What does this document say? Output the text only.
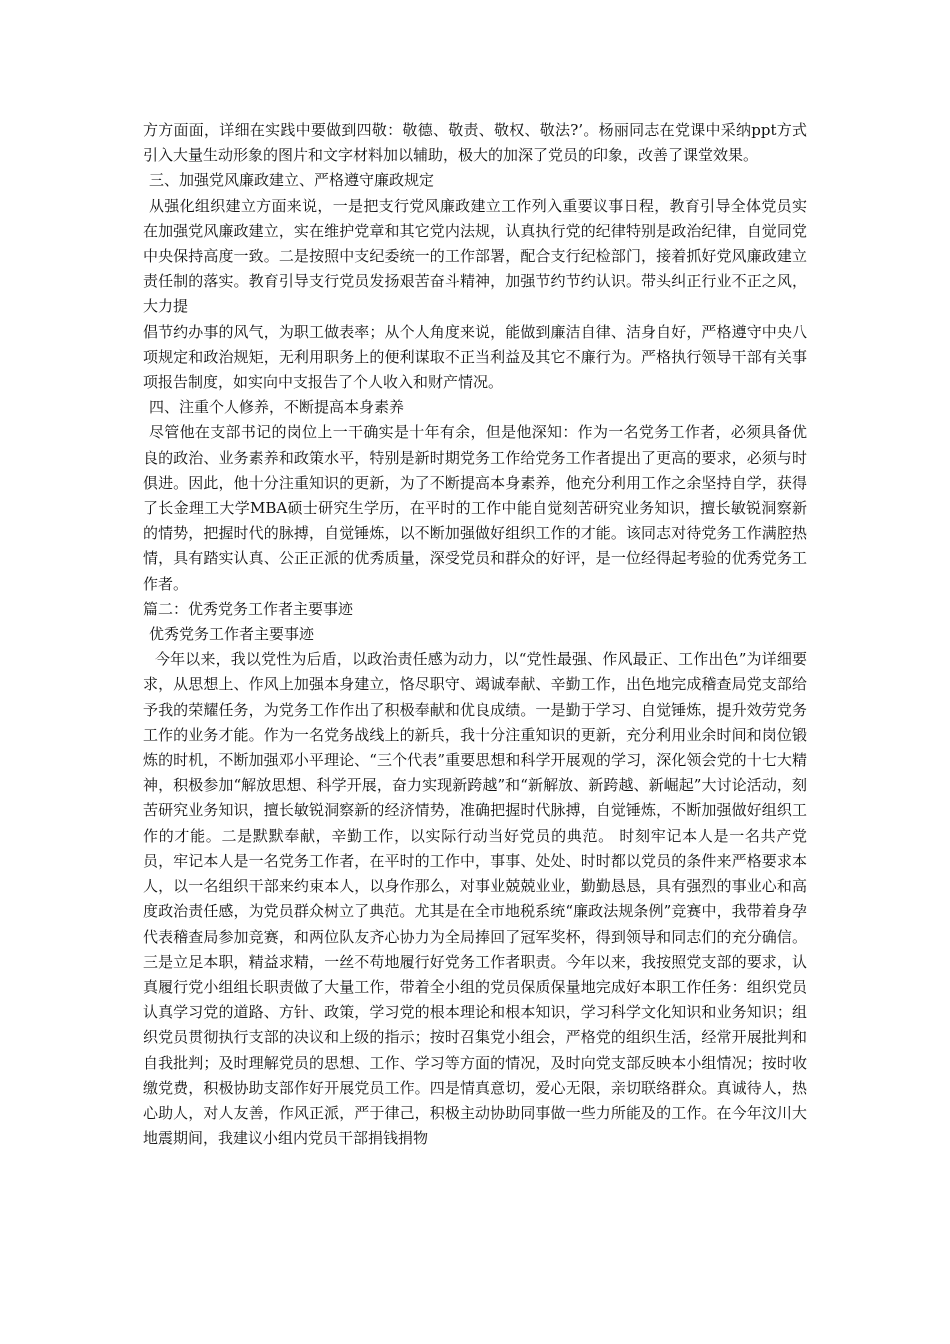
方方面面，详细在实践中要做到四敬：敬德、敬责、敬权、敬法?’。杨丽同志在党课中采纳ppt方式引入大量生动形象的图片和文字材料加以辅助，极大的加深了党员的印象，改善了课堂效果。

三、加强党风廉政建立、严格遵守廉政规定

从强化组织建立方面来说，一是把支行党风廉政建立工作列入重要议事日程，教育引导全体党员实在加强党风廉政建立，实在维护党章和其它党内法规，认真执行党的纪律特别是政治纪律，自觉同党中央保持高度一致。二是按照中支纪委统一的工作部署，配合支行纪检部门，接着抓好党风廉政建立责任制的落实。教育引导支行党员发扬艰苦奋斗精神，加强节约节约认识。带头纠正行业不正之风，大力提

倡节约办事的风气，为职工做表率；从个人角度来说，能做到廉洁自律、洁身自好，严格遵守中央八项规定和政治规矩，无利用职务上的便利谋取不正当利益及其它不廉行为。严格执行领导干部有关事项报告制度，如实向中支报告了个人收入和财产情况。

四、注重个人修养，不断提高本身素养

尽管他在支部书记的岗位上一干确实是十年有余，但是他深知：作为一名党务工作者，必须具备优良的政治、业务素养和政策水平，特别是新时期党务工作给党务工作者提出了更高的要求，必须与时俱进。因此，他十分注重知识的更新，为了不断提高本身素养，他充分利用工作之余坚持自学，获得了长金理工大学MBA硕士研究生学历，在平时的工作中能自觉刻苦研究业务知识，擅长敏锐洞察新的情势，把握时代的脉搏，自觉锤炼，以不断加强做好组织工作的才能。该同志对待党务工作满腔热情，具有踏实认真、公正正派的优秀质量，深受党员和群众的好评，是一位经得起考验的优秀党务工作者。

篇二：优秀党务工作者主要事迹

优秀党务工作者主要事迹

今年以来，我以党性为后盾，以政治责任感为动力，以“党性最强、作风最正、工作出色”为详细要求，从思想上、作风上加强本身建立，恪尽职守、竭诚奉献、辛勤工作，出色地完成稽查局党支部给予我的荣耀任务，为党务工作作出了积极奉献和优良成绩。一是勤于学习、自觉锤炼，提升效劳党务工作的业务才能。作为一名党务战线上的新兵，我十分注重知识的更新，充分利用业余时间和岗位锻炼的时机，不断加强邓小平理论、“三个代表”重要思想和科学开展观的学习，深化领会党的十七大精神，积极参加“解放思想、科学开展，奋力实现新跨越”和“新解放、新跨越、新崛起”大讨论活动，刻苦研究业务知识，擅长敏锐洞察新的经济情势，准确把握时代脉搏，自觉锤炼，不断加强做好组织工作的才能。二是默默奉献，辛勤工作，以实际行动当好党员的典范。 时刻牢记本人是一名共产党员，牢记本人是一名党务工作者，在平时的工作中，事事、处处、时时都以党员的条件来严格要求本人，以一名组织干部来约束本人，以身作那么，对事业兢兢业业，勤勤恳恳，具有强烈的事业心和高度政治责任感，为党员群众树立了典范。尤其是在全市地税系统“廉政法规条例”竞赛中，我带着身孕代表稽查局参加竞赛，和两位队友齐心协力为全局捧回了冠军奖杯，得到领导和同志们的充分确信。三是立足本职，精益求精，一丝不苟地履行好党务工作者职责。今年以来，我按照党支部的要求，认真履行党小组组长职责做了大量工作，带着全小组的党员保质保量地完成好本职工作任务：组织党员认真学习党的道路、方针、政策，学习党的根本理论和根本知识，学习科学文化知识和业务知识；组织党员贯彻执行支部的决议和上级的指示；按时召集党小组会，严格党的组织生活，经常开展批判和自我批判；及时理解党员的思想、工作、学习等方面的情况，及时向党支部反映本小组情况；按时收缴党费，积极协助支部作好开展党员工作。四是情真意切，爱心无限，亲切联络群众。真诚待人，热心助人，对人友善，作风正派，严于律己，积极主动协助同事做一些力所能及的工作。在今年汶川大地震期间，我建议小组内党员干部捐钱捐物
